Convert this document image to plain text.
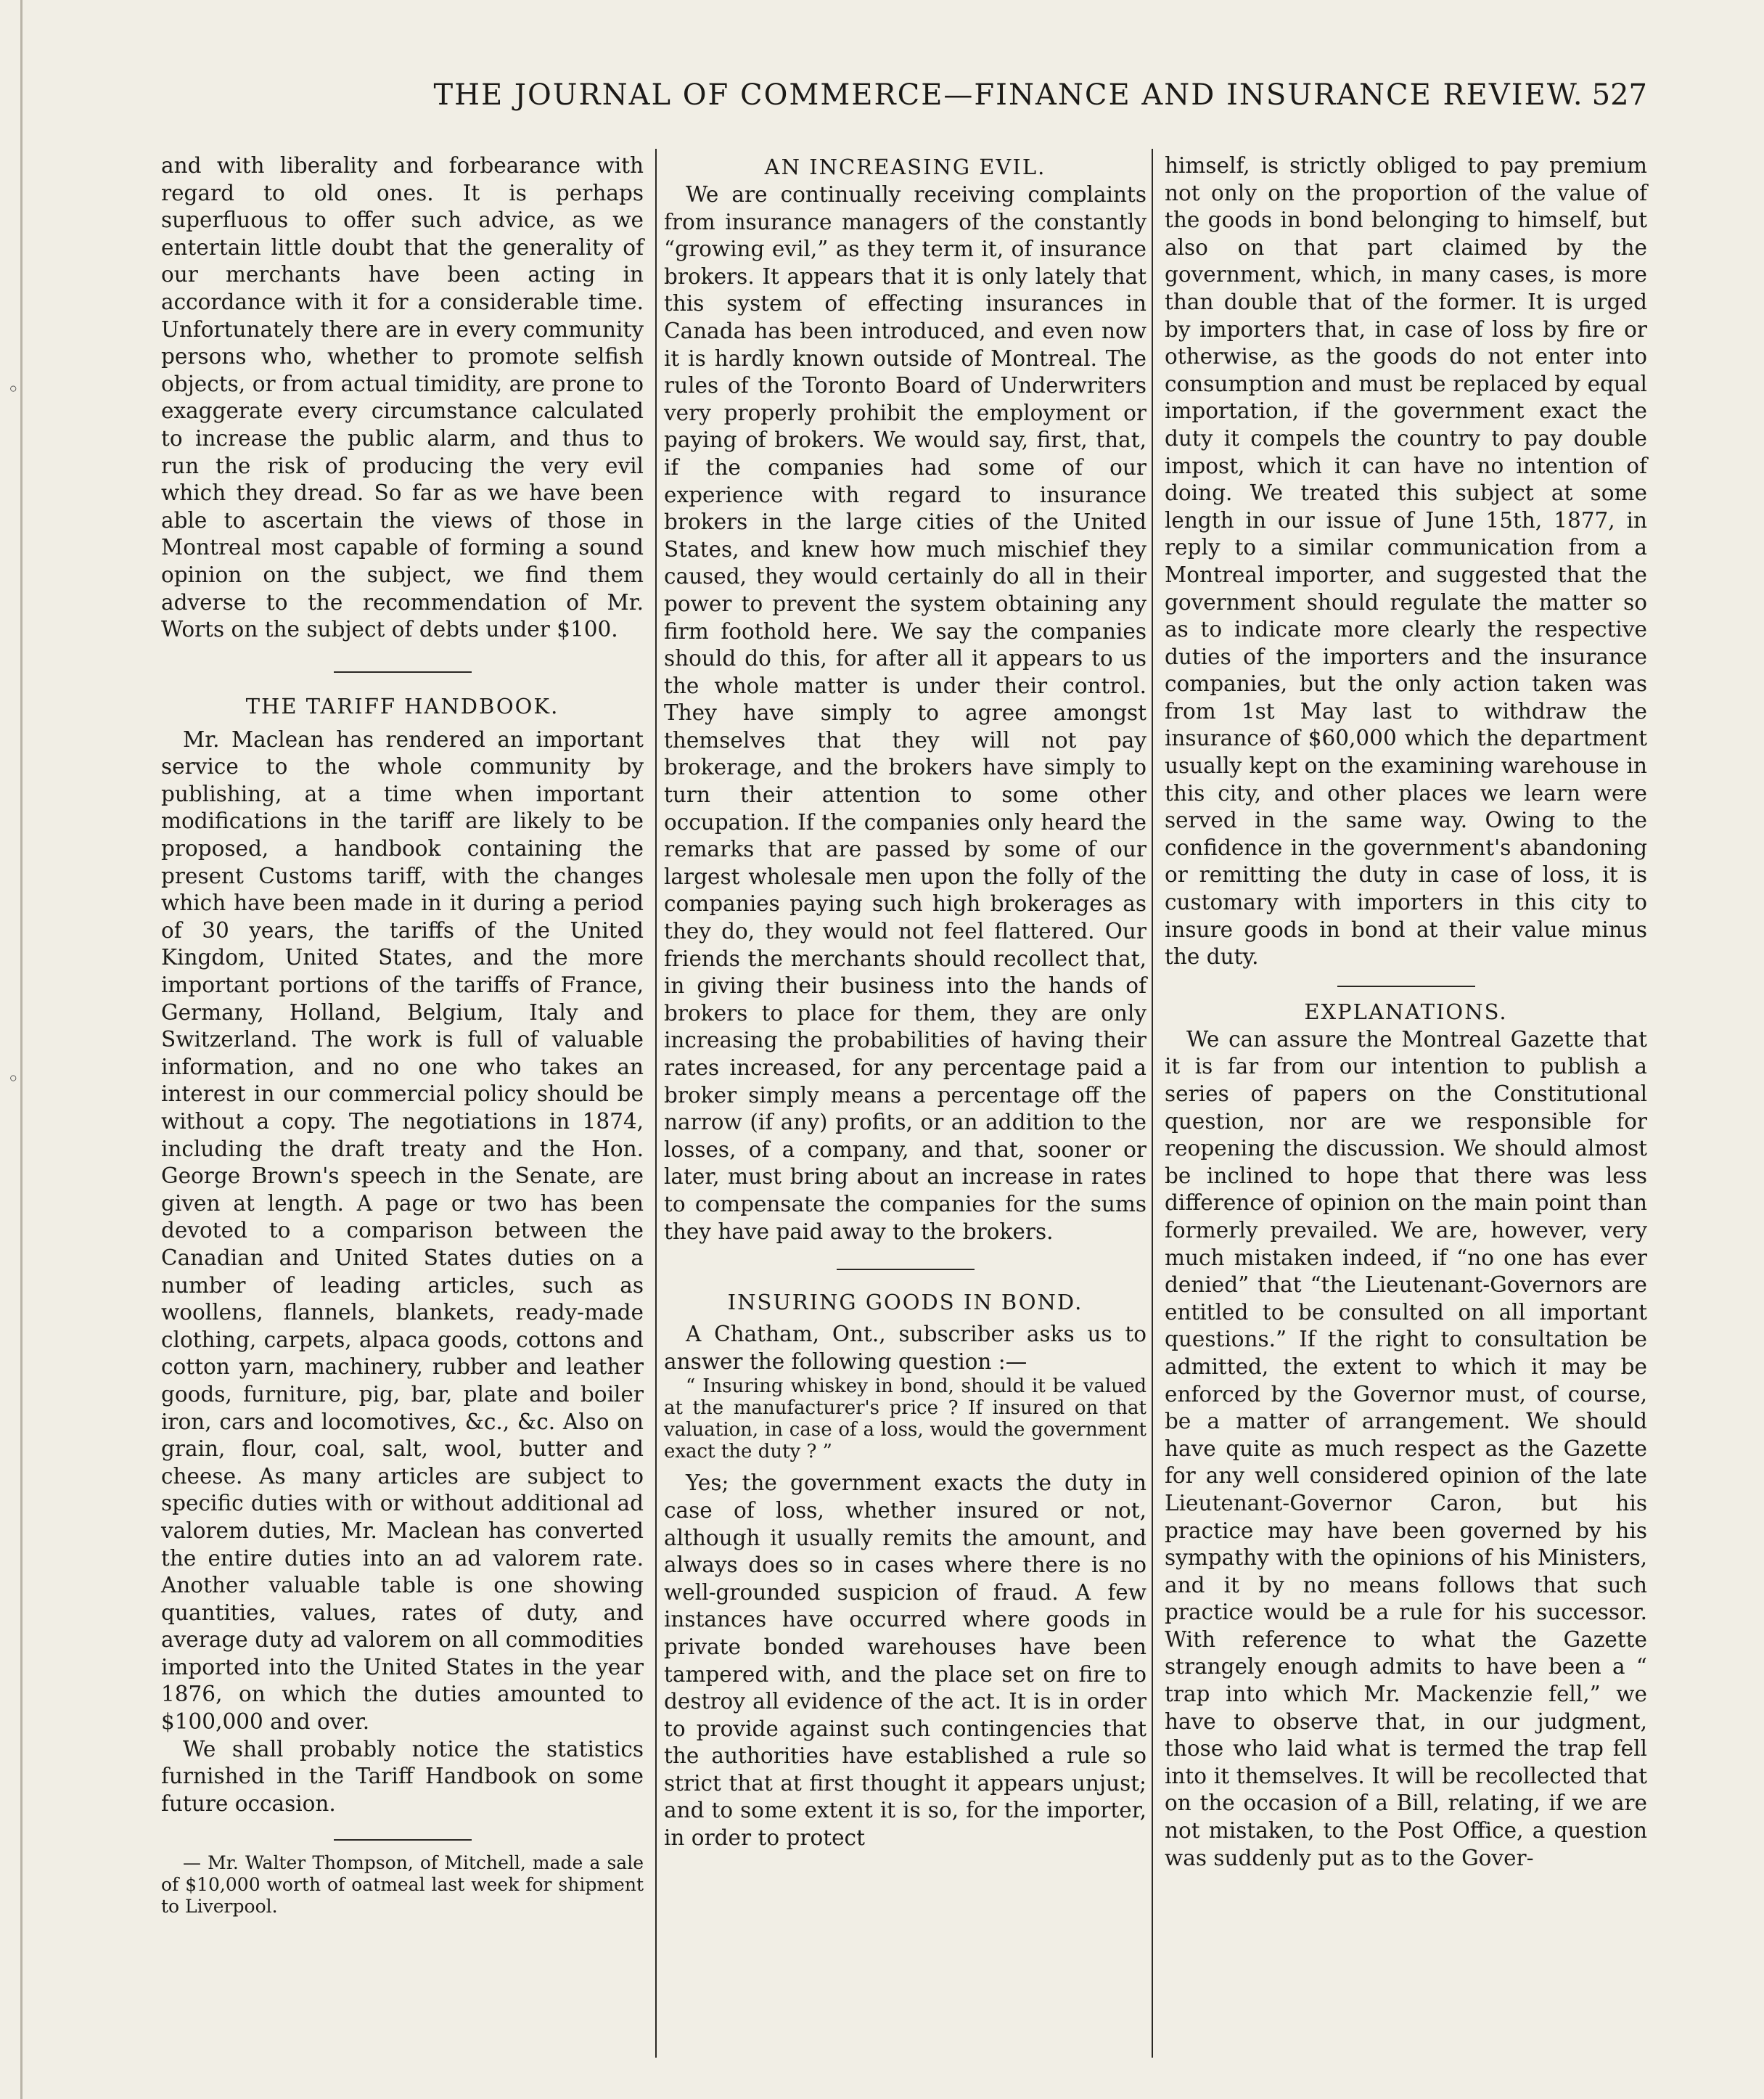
◦
◦
THE JOURNAL OF COMMERCE—FINANCE AND INSURANCE REVIEW. 527

and with liberality and forbearance with regard to old ones. It is perhaps superfluous to offer such advice, as we entertain little doubt that the generality of our merchants have been acting in accordance with it for a considerable time. Unfortunately there are in every community persons who, whether to promote selfish objects, or from actual timidity, are prone to exaggerate every circumstance calculated to increase the public alarm, and thus to run the risk of producing the very evil which they dread. So far as we have been able to ascertain the views of those in Montreal most capable of forming a sound opinion on the subject, we find them adverse to the recommendation of Mr. Worts on the subject of debts under $100.

THE TARIFF HANDBOOK.

Mr. Maclean has rendered an important service to the whole community by publishing, at a time when important modifications in the tariff are likely to be proposed, a handbook containing the present Customs tariff, with the changes which have been made in it during a period of 30 years, the tariffs of the United Kingdom, United States, and the more important portions of the tariffs of France, Germany, Holland, Belgium, Italy and Switzerland. The work is full of valuable information, and no one who takes an interest in our commercial policy should be without a copy. The negotiations in 1874, including the draft treaty and the Hon. George Brown's speech in the Senate, are given at length. A page or two has been devoted to a comparison between the Canadian and United States duties on a number of leading articles, such as woollens, flannels, blankets, ready-made clothing, carpets, alpaca goods, cottons and cotton yarn, machinery, rubber and leather goods, furniture, pig, bar, plate and boiler iron, cars and locomotives, &c., &c. Also on grain, flour, coal, salt, wool, butter and cheese. As many articles are subject to specific duties with or without additional ad valorem duties, Mr. Maclean has converted the entire duties into an ad valorem rate. Another valuable table is one showing quantities, values, rates of duty, and average duty ad valorem on all commodities imported into the United States in the year 1876, on which the duties amounted to $100,000 and over.

We shall probably notice the statistics furnished in the Tariff Handbook on some future occasion.

— Mr. Walter Thompson, of Mitchell, made a sale of $10,000 worth of oatmeal last week for shipment to Liverpool.

AN INCREASING EVIL.

We are continually receiving complaints from insurance managers of the constantly “growing evil,” as they term it, of insurance brokers. It appears that it is only lately that this system of effecting insurances in Canada has been introduced, and even now it is hardly known outside of Montreal. The rules of the Toronto Board of Underwriters very properly prohibit the employment or paying of brokers. We would say, first, that, if the companies had some of our experience with regard to insurance brokers in the large cities of the United States, and knew how much mischief they caused, they would certainly do all in their power to prevent the system obtaining any firm foothold here. We say the companies should do this, for after all it appears to us the whole matter is under their control. They have simply to agree amongst themselves that they will not pay brokerage, and the brokers have simply to turn their attention to some other occupation. If the companies only heard the remarks that are passed by some of our largest wholesale men upon the folly of the companies paying such high brokerages as they do, they would not feel flattered. Our friends the merchants should recollect that, in giving their business into the hands of brokers to place for them, they are only increasing the probabilities of having their rates increased, for any percentage paid a broker simply means a percentage off the narrow (if any) profits, or an addition to the losses, of a company, and that, sooner or later, must bring about an increase in rates to compensate the companies for the sums they have paid away to the brokers.

INSURING GOODS IN BOND.

A Chatham, Ont., subscriber asks us to answer the following question :—

“ Insuring whiskey in bond, should it be valued at the manufacturer's price ? If insured on that valuation, in case of a loss, would the government exact the duty ? ”

Yes; the government exacts the duty in case of loss, whether insured or not, although it usually remits the amount, and always does so in cases where there is no well-grounded suspicion of fraud. A few instances have occurred where goods in private bonded warehouses have been tampered with, and the place set on fire to destroy all evidence of the act. It is in order to provide against such contingencies that the authorities have established a rule so strict that at first thought it appears unjust; and to some extent it is so, for the importer, in order to protect

himself, is strictly obliged to pay premium not only on the proportion of the value of the goods in bond belonging to himself, but also on that part claimed by the government, which, in many cases, is more than double that of the former. It is urged by importers that, in case of loss by fire or otherwise, as the goods do not enter into consumption and must be replaced by equal importation, if the government exact the duty it compels the country to pay double impost, which it can have no intention of doing. We treated this subject at some length in our issue of June 15th, 1877, in reply to a similar communication from a Montreal importer, and suggested that the government should regulate the matter so as to indicate more clearly the respective duties of the importers and the insurance companies, but the only action taken was from 1st May last to withdraw the insurance of $60,000 which the department usually kept on the examining warehouse in this city, and other places we learn were served in the same way. Owing to the confidence in the government's abandoning or remitting the duty in case of loss, it is customary with importers in this city to insure goods in bond at their value minus the duty.

EXPLANATIONS.

We can assure the Montreal Gazette that it is far from our intention to publish a series of papers on the Constitutional question, nor are we responsible for reopening the discussion. We should almost be inclined to hope that there was less difference of opinion on the main point than formerly prevailed. We are, however, very much mistaken indeed, if “no one has ever denied” that “the Lieutenant-Governors are entitled to be consulted on all important questions.” If the right to consultation be admitted, the extent to which it may be enforced by the Governor must, of course, be a matter of arrangement. We should have quite as much respect as the Gazette for any well considered opinion of the late Lieutenant-Governor Caron, but his practice may have been governed by his sympathy with the opinions of his Ministers, and it by no means follows that such practice would be a rule for his successor. With reference to what the Gazette strangely enough admits to have been a “ trap into which Mr. Mackenzie fell,” we have to observe that, in our judgment, those who laid what is termed the trap fell into it themselves. It will be recollected that on the occasion of a Bill, relating, if we are not mistaken, to the Post Office, a question was suddenly put as to the Gover-
